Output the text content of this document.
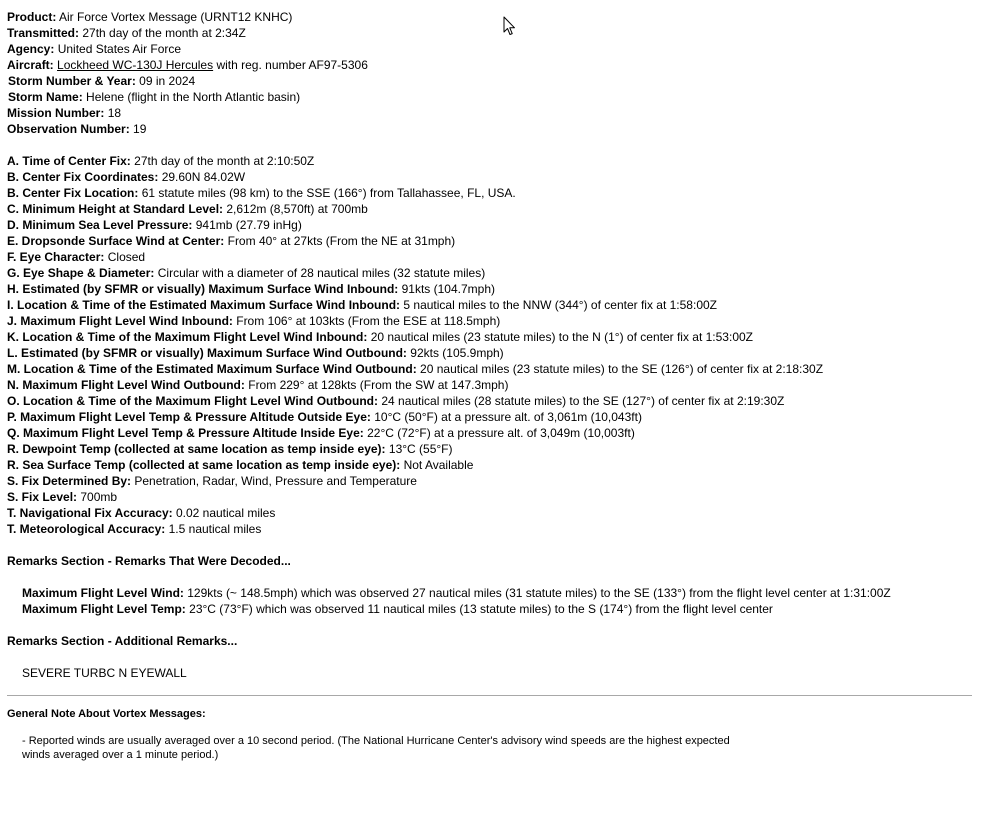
Product: Air Force Vortex Message (URNT12 KNHC)
Transmitted: 27th day of the month at 2:34Z
Agency: United States Air Force
Aircraft: Lockheed WC-130J Hercules with reg. number AF97-5306
Storm Number & Year: 09 in 2024
Storm Name: Helene (flight in the North Atlantic basin)
Mission Number: 18
Observation Number: 19
A. Time of Center Fix: 27th day of the month at 2:10:50Z
B. Center Fix Coordinates: 29.60N 84.02W
B. Center Fix Location: 61 statute miles (98 km) to the SSE (166°) from Tallahassee, FL, USA.
C. Minimum Height at Standard Level: 2,612m (8,570ft) at 700mb
D. Minimum Sea Level Pressure: 941mb (27.79 inHg)
E. Dropsonde Surface Wind at Center: From 40° at 27kts (From the NE at 31mph)
F. Eye Character: Closed
G. Eye Shape & Diameter: Circular with a diameter of 28 nautical miles (32 statute miles)
H. Estimated (by SFMR or visually) Maximum Surface Wind Inbound: 91kts (104.7mph)
I. Location & Time of the Estimated Maximum Surface Wind Inbound: 5 nautical miles to the NNW (344°) of center fix at 1:58:00Z
J. Maximum Flight Level Wind Inbound: From 106° at 103kts (From the ESE at 118.5mph)
K. Location & Time of the Maximum Flight Level Wind Inbound: 20 nautical miles (23 statute miles) to the N (1°) of center fix at 1:53:00Z
L. Estimated (by SFMR or visually) Maximum Surface Wind Outbound: 92kts (105.9mph)
M. Location & Time of the Estimated Maximum Surface Wind Outbound: 20 nautical miles (23 statute miles) to the SE (126°) of center fix at 2:18:30Z
N. Maximum Flight Level Wind Outbound: From 229° at 128kts (From the SW at 147.3mph)
O. Location & Time of the Maximum Flight Level Wind Outbound: 24 nautical miles (28 statute miles) to the SE (127°) of center fix at 2:19:30Z
P. Maximum Flight Level Temp & Pressure Altitude Outside Eye: 10°C (50°F) at a pressure alt. of 3,061m (10,043ft)
Q. Maximum Flight Level Temp & Pressure Altitude Inside Eye: 22°C (72°F) at a pressure alt. of 3,049m (10,003ft)
R. Dewpoint Temp (collected at same location as temp inside eye): 13°C (55°F)
R. Sea Surface Temp (collected at same location as temp inside eye): Not Available
S. Fix Determined By: Penetration, Radar, Wind, Pressure and Temperature
S. Fix Level: 700mb
T. Navigational Fix Accuracy: 0.02 nautical miles
T. Meteorological Accuracy: 1.5 nautical miles
Remarks Section - Remarks That Were Decoded...
Maximum Flight Level Wind: 129kts (~ 148.5mph) which was observed 27 nautical miles (31 statute miles) to the SE (133°) from the flight level center at 1:31:00Z
Maximum Flight Level Temp: 23°C (73°F) which was observed 11 nautical miles (13 statute miles) to the S (174°) from the flight level center
Remarks Section - Additional Remarks...
SEVERE TURBC N EYEWALL
General Note About Vortex Messages:
- Reported winds are usually averaged over a 10 second period. (The National Hurricane Center's advisory wind speeds are the highest expected winds averaged over a 1 minute period.)
